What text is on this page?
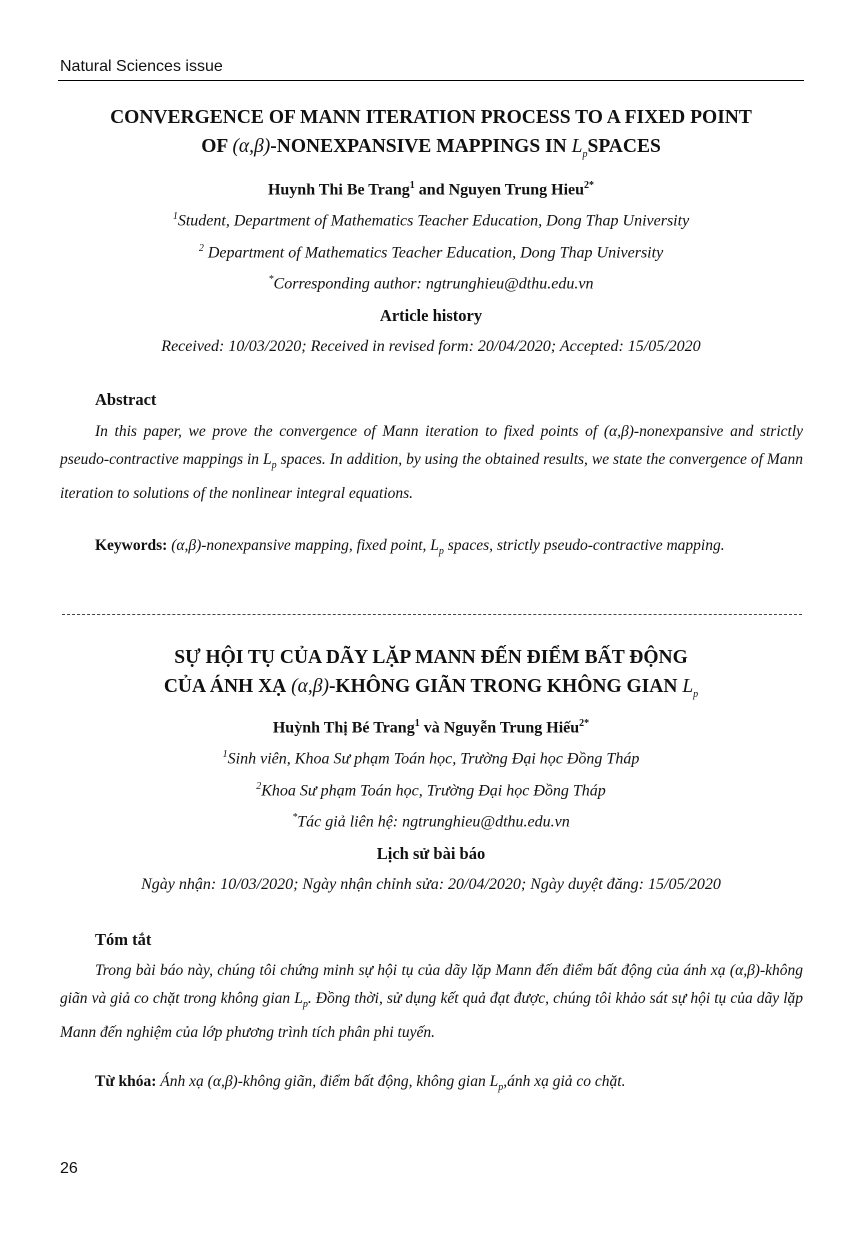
Natural Sciences issue
CONVERGENCE OF MANN ITERATION PROCESS TO A FIXED POINT
OF (α,β)-NONEXPANSIVE MAPPINGS IN $L_pSPACES$
Huynh Thi Be Trang$^1$ and Nguyen Trung Hieu$^{2*}$
$^1$Student, Department of Mathematics Teacher Education, Dong Thap University
$^2$ Department of Mathematics Teacher Education, Dong Thap University
*Corresponding author: ngtrunghieu@dthu.edu.vn
Article history
Received: 10/03/2020; Received in revised form: 20/04/2020; Accepted: 15/05/2020
Abstract
In this paper, we prove the convergence of Mann iteration to fixed points of (α,β)-nonexpansive and strictly pseudo-contractive mappings in $L_p$ spaces. In addition, by using the obtained results, we state the convergence of Mann iteration to solutions of the nonlinear integral equations.
Keywords: (α,β)-nonexpansive mapping, fixed point, $L_p$ spaces, strictly pseudo-contractive mapping.
SỰ HỘI TỤ CỦA DÃY LẶP MANN ĐẾN ĐIỂM BẤT ĐỘNG
CỦA ÁNH XẠ (α,β)-KHÔNG GIÃN TRONG KHÔNG GIAN $L_p$
Huỳnh Thị Bé Trang$^1$ và Nguyễn Trung Hiếu$^{2*}$
$^1$Sinh viên, Khoa Sư phạm Toán học, Trường Đại học Đồng Tháp
$^2$Khoa Sư phạm Toán học, Trường Đại học Đồng Tháp
*Tác giả liên hệ: ngtrunghieu@dthu.edu.vn
Lịch sử bài báo
Ngày nhận: 10/03/2020; Ngày nhận chỉnh sửa: 20/04/2020; Ngày duyệt đăng: 15/05/2020
Tóm tắt
Trong bài báo này, chúng tôi chứng minh sự hội tụ của dãy lặp Mann đến điểm bất động của ánh xạ (α,β)-không giãn và giả co chặt trong không gian $L_p$. Đồng thời, sử dụng kết quả đạt được, chúng tôi khảo sát sự hội tụ của dãy lặp Mann đến nghiệm của lớp phương trình tích phân phi tuyến.
Từ khóa: Ánh xạ (α,β)-không giãn, điểm bất động, không gian $L_p,ánh$ xạ giả co chặt.
26
